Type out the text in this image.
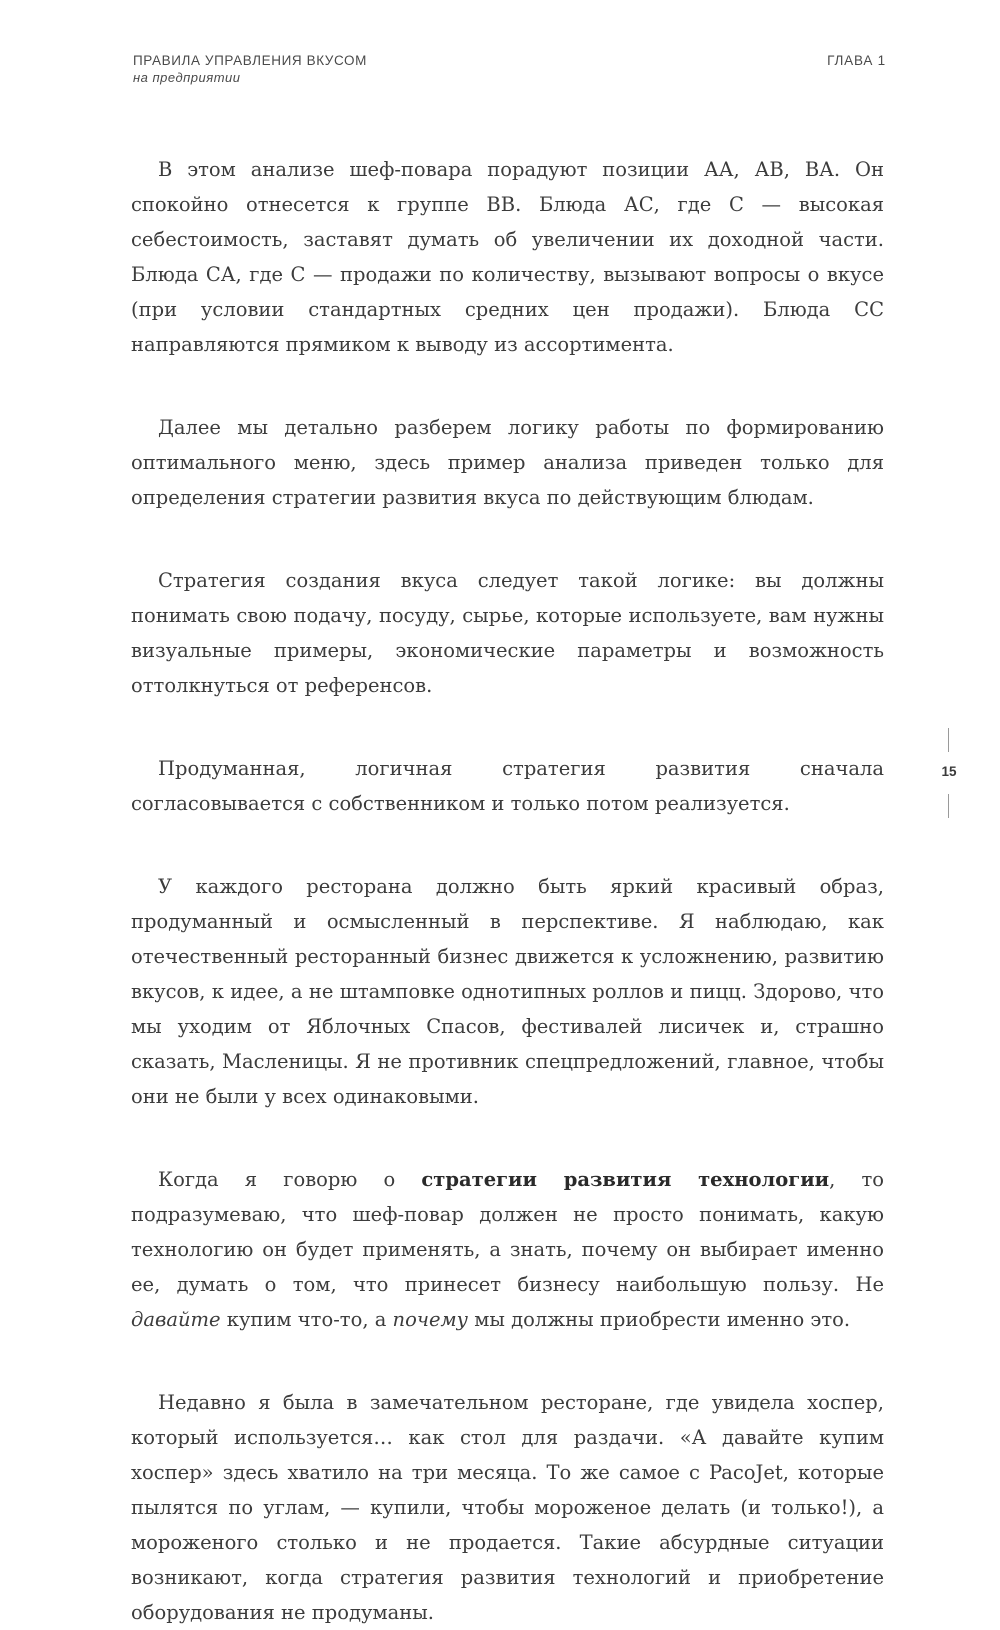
ПРАВИЛА УПРАВЛЕНИЯ ВКУСОМ
на предприятии
ГЛАВА 1
15

В этом анализе шеф-повара порадуют позиции АА, АВ, ВА. Он спокойно отнесется к группе ВВ. Блюда АС, где С — высокая себестоимость, заставят думать об увеличении их доходной части. Блюда СА, где С — продажи по количеству, вызывают вопросы о вкусе (при условии стандартных средних цен продажи). Блюда СС направляются прямиком к выводу из ассортимента.

Далее мы детально разберем логику работы по формированию оптимального меню, здесь пример анализа приведен только для определения стратегии развития вкуса по действующим блюдам.

Стратегия создания вкуса следует такой логике: вы должны понимать свою подачу, посуду, сырье, которые используете, вам нужны визуальные примеры, экономические параметры и возможность оттолкнуться от референсов.

Продуманная, логичная стратегия развития сначала согласовывается с собственником и только потом реализуется.

У каждого ресторана должно быть яркий красивый образ, продуманный и осмысленный в перспективе. Я наблюдаю, как отечественный ресторанный бизнес движется к усложнению, развитию вкусов, к идее, а не штамповке однотипных роллов и пицц. Здорово, что мы уходим от Яблочных Спасов, фестивалей лисичек и, страшно сказать, Масленицы. Я не противник спецпредложений, главное, чтобы они не были у всех одинаковыми.

Когда я говорю о стратегии развития технологии, то подразумеваю, что шеф-повар должен не просто понимать, какую технологию он будет применять, а знать, почему он выбирает именно ее, думать о том, что принесет бизнесу наибольшую пользу. Не давайте купим что-то, а почему мы должны приобрести именно это.

Недавно я была в замечательном ресторане, где увидела хоспер, который используется… как стол для раздачи. «А давайте купим хоспер» здесь хватило на три месяца. То же самое с PacoJet, которые пылятся по углам, — купили, чтобы мороженое делать (и только!), а мороженого столько и не продается. Такие абсурдные ситуации возникают, когда стратегия развития технологий и приобретение оборудования не продуманы.
